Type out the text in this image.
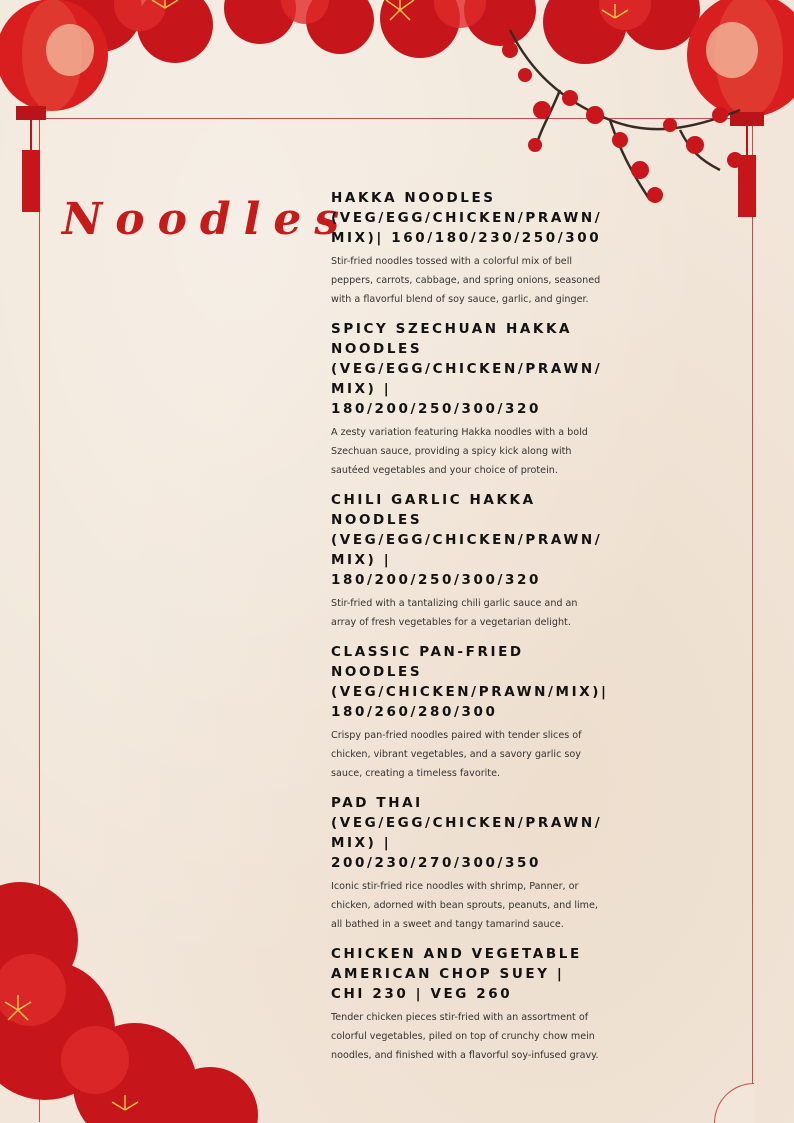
Noodles
HAKKA NOODLES (VEG/EGG/CHICKEN/PRAWN/ MIX)| 160/180/230/250/300
Stir-fried noodles tossed with a colorful mix of bell peppers, carrots, cabbage, and spring onions, seasoned with a flavorful blend of soy sauce, garlic, and ginger.
SPICY SZECHUAN HAKKA NOODLES (VEG/EGG/CHICKEN/PRAWN/ MIX) | 180/200/250/300/320
A zesty variation featuring Hakka noodles with a bold Szechuan sauce, providing a spicy kick along with sautéed vegetables and your choice of protein.
CHILI GARLIC HAKKA NOODLES (VEG/EGG/CHICKEN/PRAWN/ MIX) | 180/200/250/300/320
Stir-fried with a tantalizing chili garlic sauce and an array of fresh vegetables for a vegetarian delight.
CLASSIC PAN-FRIED NOODLES (VEG/CHICKEN/PRAWN/MIX)| 180/260/280/300
Crispy pan-fried noodles paired with tender slices of chicken, vibrant vegetables, and a savory garlic soy sauce, creating a timeless favorite.
PAD THAI (VEG/EGG/CHICKEN/PRAWN/ MIX) | 200/230/270/300/350
Iconic stir-fried rice noodles with shrimp, Panner, or chicken, adorned with bean sprouts, peanuts, and lime, all bathed in a sweet and tangy tamarind sauce.
CHICKEN AND VEGETABLE AMERICAN CHOP SUEY | CHI 230 | VEG 260
Tender chicken pieces stir-fried with an assortment of colorful vegetables, piled on top of crunchy chow mein noodles, and finished with a flavorful soy-infused gravy.
